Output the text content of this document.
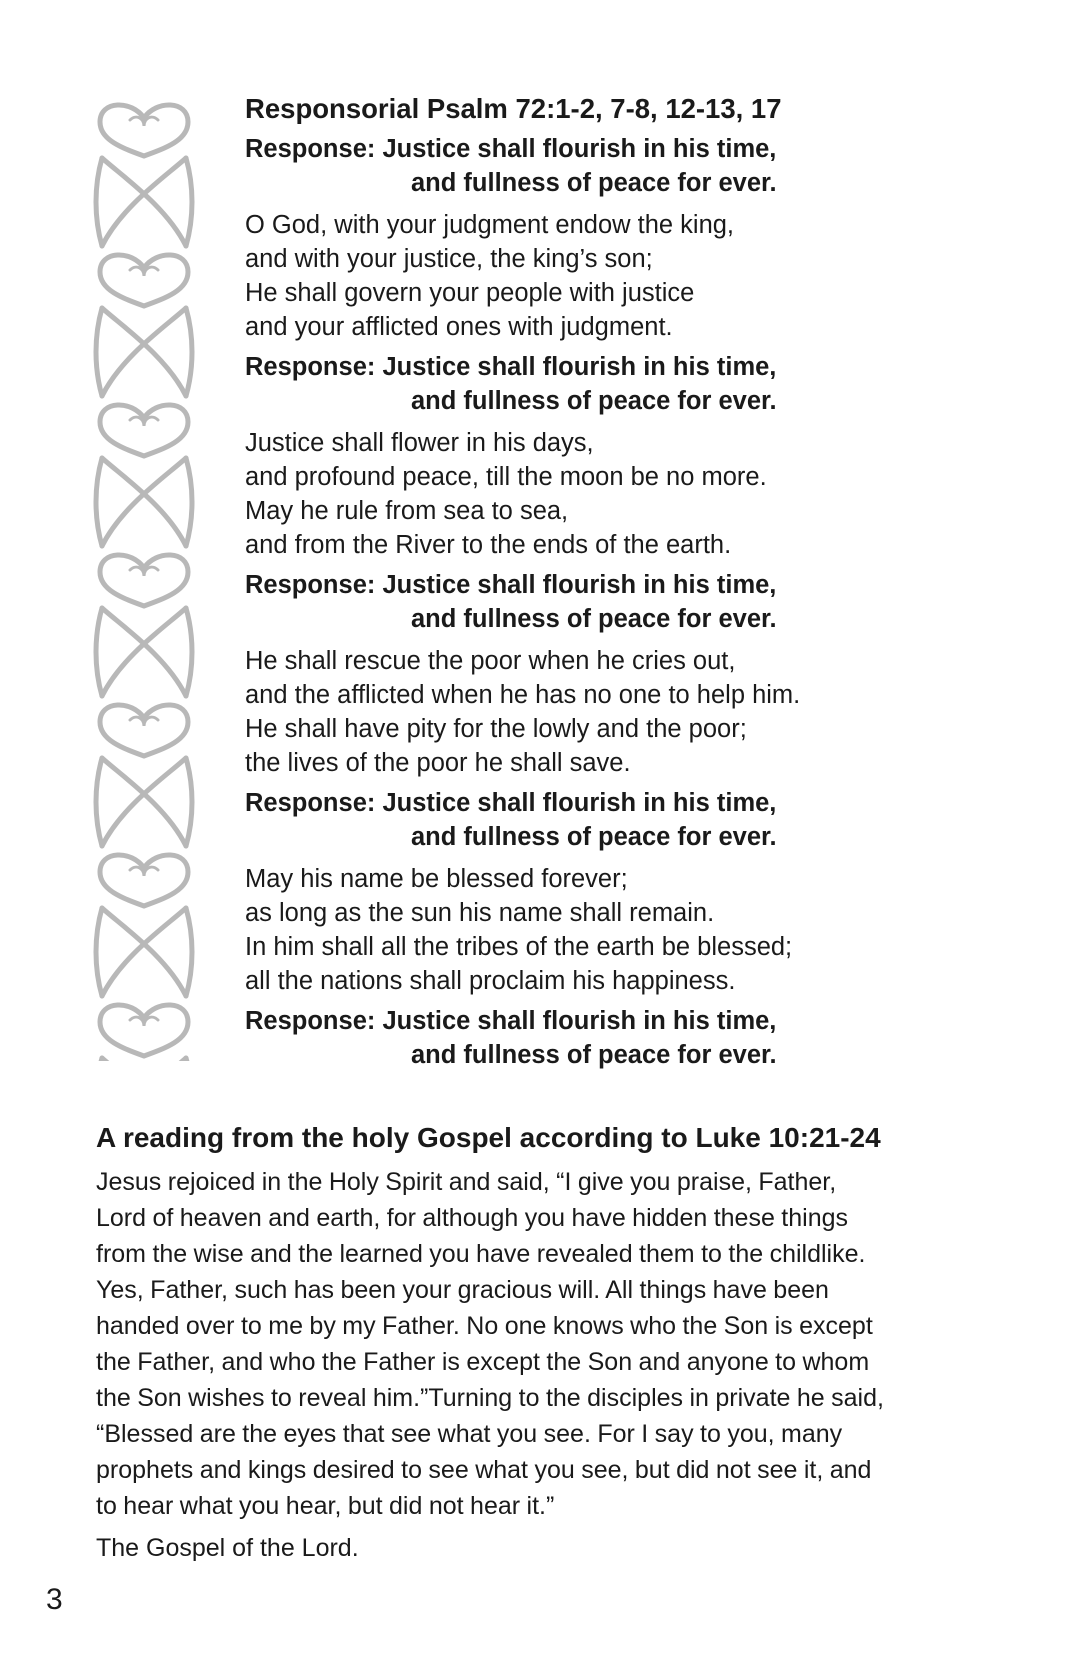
Responsorial Psalm 72:1-2, 7-8, 12-13, 17
Response: Justice shall flourish in his time,
and fullness of peace for ever.
O God, with your judgment endow the king,
and with your justice, the king’s son;
He shall govern your people with justice
and your afflicted ones with judgment.
Response: Justice shall flourish in his time,
and fullness of peace for ever.
Justice shall flower in his days,
and profound peace, till the moon be no more.
May he rule from sea to sea,
and from the River to the ends of the earth.
Response: Justice shall flourish in his time,
and fullness of peace for ever.
He shall rescue the poor when he cries out,
and the afflicted when he has no one to help him.
He shall have pity for the lowly and the poor;
the lives of the poor he shall save.
Response: Justice shall flourish in his time,
and fullness of peace for ever.
May his name be blessed forever;
as long as the sun his name shall remain.
In him shall all the tribes of the earth be blessed;
all the nations shall proclaim his happiness.
Response: Justice shall flourish in his time,
and fullness of peace for ever.
A reading from the holy Gospel according to Luke 10:21-24

Jesus rejoiced in the Holy Spirit and said, “I give you praise, Father,
Lord of heaven and earth, for although you have hidden these things
from the wise and the learned you have revealed them to the childlike.
Yes, Father, such has been your gracious will. All things have been
handed over to me by my Father. No one knows who the Son is except
the Father, and who the Father is except the Son and anyone to whom
the Son wishes to reveal him.”Turning to the disciples in private he said,
“Blessed are the eyes that see what you see. For I say to you, many
prophets and kings desired to see what you see, but did not see it, and
to hear what you hear, but did not hear it.”

The Gospel of the Lord.

3
